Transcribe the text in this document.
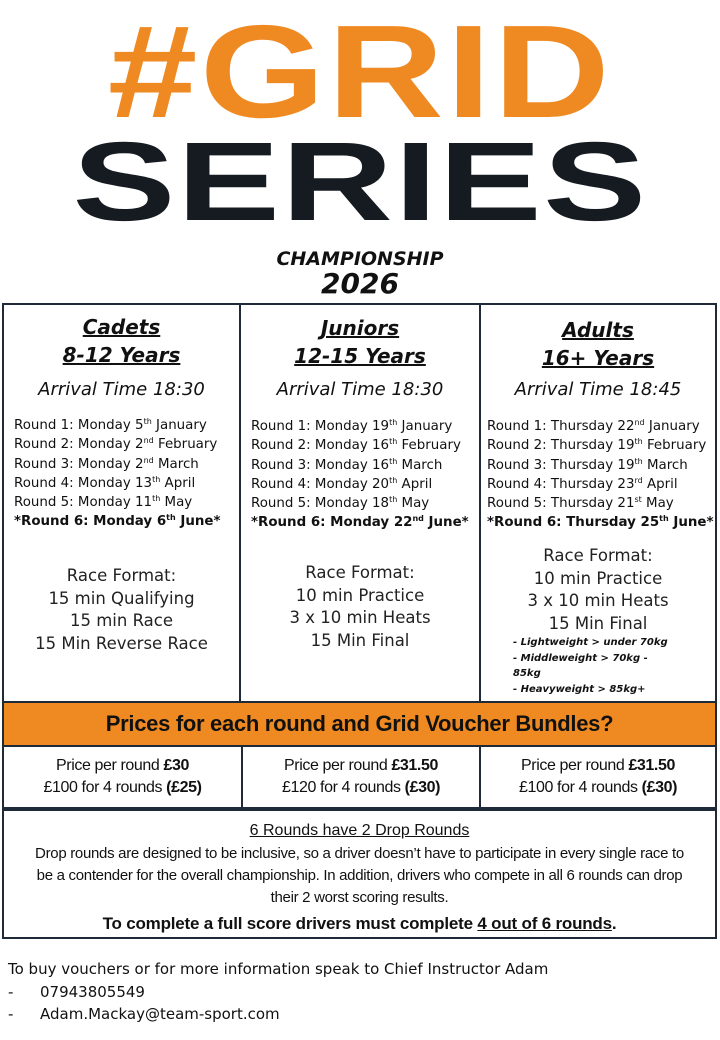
#GRID
SERIES
CHAMPIONSHIP
2026
Cadets
8-12 Years
Arrival Time 18:30
Round 1: Monday 5th January
Round 2: Monday 2nd February
Round 3: Monday 2nd March
Round 4: Monday 13th April
Round 5: Monday 11th May
*Round 6: Monday 6th June*
Race Format:
15 min Qualifying
15 min Race
15 Min Reverse Race
Juniors
12-15 Years
Arrival Time 18:30
Round 1: Monday 19th January
Round 2: Monday 16th February
Round 3: Monday 16th March
Round 4: Monday 20th April
Round 5: Monday 18th May
*Round 6: Monday 22nd June*
Race Format:
10 min Practice
3 x 10 min Heats
15 Min Final
Adults
16+ Years
Arrival Time 18:45
Round 1: Thursday 22nd January
Round 2: Thursday 19th February
Round 3: Thursday 19th March
Round 4: Thursday 23rd April
Round 5: Thursday 21st May
*Round 6: Thursday 25th June*
Race Format:
10 min Practice
3 x 10 min Heats
15 Min Final
- Lightweight > under 70kg
- Middleweight > 70kg -
85kg
- Heavyweight > 85kg+
Prices for each round and Grid Voucher Bundles?
Price per round £30
£100 for 4 rounds (£25)
Price per round £31.50
£120 for 4 rounds (£30)
Price per round £31.50
£100 for 4 rounds (£30)
6 Rounds have 2 Drop Rounds
Drop rounds are designed to be inclusive, so a driver doesn’t have to participate in every single race to be a contender for the overall championship. In addition, drivers who compete in all 6 rounds can drop their 2 worst scoring results.
To complete a full score drivers must complete 4 out of 6 rounds.
To buy vouchers or for more information speak to Chief Instructor Adam
-	07943805549
-	Adam.Mackay@team-sport.com
